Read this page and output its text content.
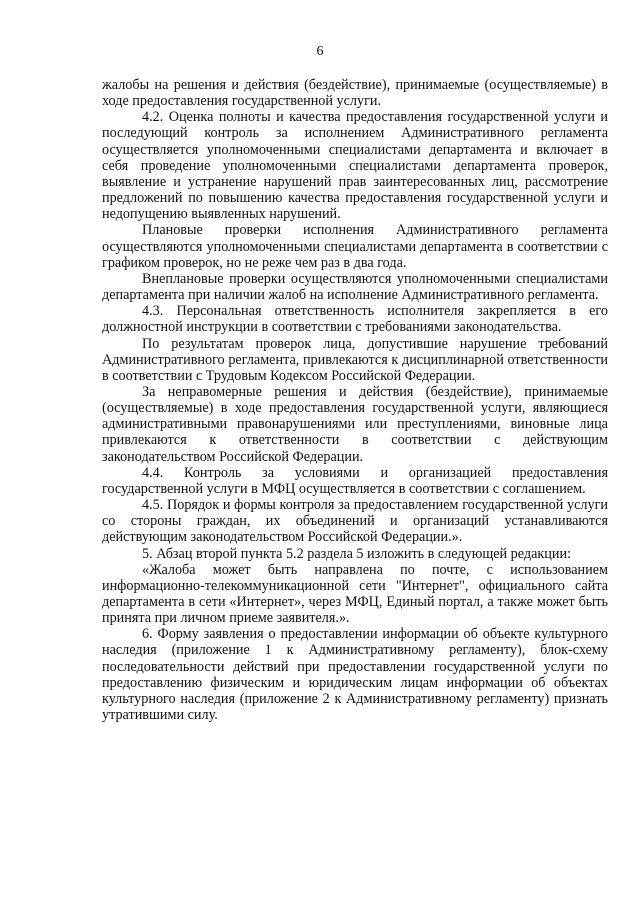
6

жалобы на решения и действия (бездействие), принимаемые (осуществляемые) в ходе предоставления государственной услуги.

4.2. Оценка полноты и качества предоставления государственной услуги и последующий контроль за исполнением Административного регламента осуществляется уполномоченными специалистами департамента и включает в себя проведение уполномоченными специалистами департамента проверок, выявление и устранение нарушений прав заинтересованных лиц, рассмотрение предложений по повышению качества предоставления государственной услуги и недопущению выявленных нарушений.

Плановые проверки исполнения Административного регламента осуществляются уполномоченными специалистами департамента в соответствии с графиком проверок, но не реже чем раз в два года.

Внеплановые проверки осуществляются уполномоченными специалистами департамента при наличии жалоб на исполнение Административного регламента.

4.3. Персональная ответственность исполнителя закрепляется в его должностной инструкции в соответствии с требованиями законодательства.

По результатам проверок лица, допустившие нарушение требований Административного регламента, привлекаются к дисциплинарной ответственности в соответствии с Трудовым Кодексом Российской Федерации.

За неправомерные решения и действия (бездействие), принимаемые (осуществляемые) в ходе предоставления государственной услуги, являющиеся административными правонарушениями или преступлениями, виновные лица привлекаются к ответственности в соответствии с действующим законодательством Российской Федерации.

4.4. Контроль за условиями и организацией предоставления государственной услуги в МФЦ осуществляется в соответствии с соглашением.

4.5. Порядок и формы контроля за предоставлением государственной услуги со стороны граждан, их объединений и организаций устанавливаются действующим законодательством Российской Федерации.».

5. Абзац второй пункта 5.2 раздела 5 изложить в следующей редакции:

«Жалоба может быть направлена по почте, с использованием информационно-телекоммуникационной сети "Интернет", официального сайта департамента в сети «Интернет», через МФЦ, Единый портал, а также может быть принята при личном приеме заявителя.».

6. Форму заявления о предоставлении информации об объекте культурного наследия (приложение 1 к Административному регламенту), блок-схему последовательности действий при предоставлении государственной услуги по предоставлению физическим и юридическим лицам информации об объектах культурного наследия (приложение 2 к Административному регламенту) признать утратившими силу.
